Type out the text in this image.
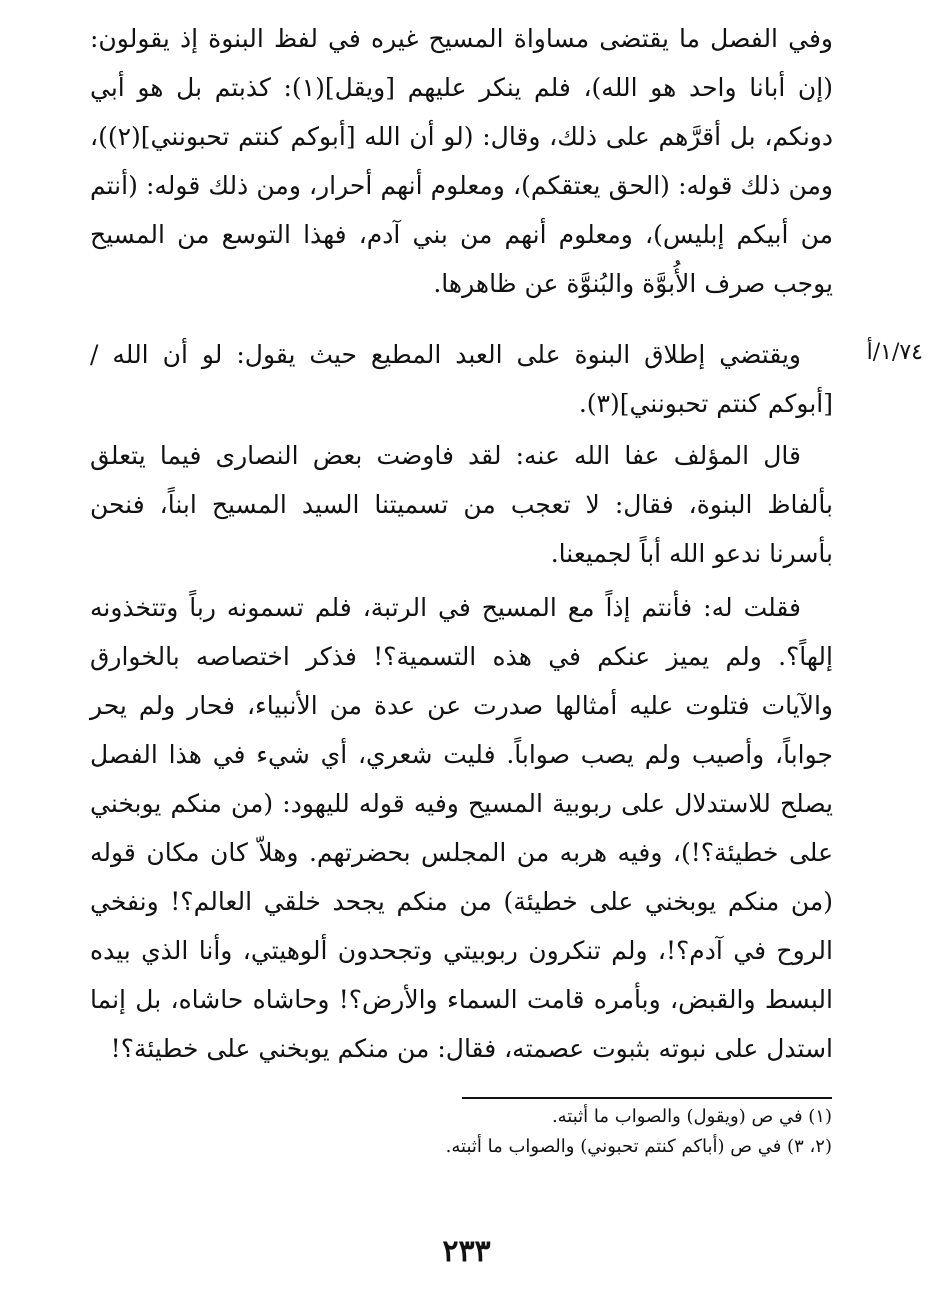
وفي الفصل ما يقتضى مساواة المسيح غيره في لفظ البنوة إذ يقولون: (إن أبانا واحد هو الله)، فلم ينكر عليهم [ويقل](١): كذبتم بل هو أبي دونكم، بل أقرَّهم على ذلك، وقال: (لو أن الله [أبوكم كنتم تحبونني](٢))، ومن ذلك قوله: (الحق يعتقكم)، ومعلوم أنهم أحرار، ومن ذلك قوله: (أنتم من أبيكم إبليس)، ومعلوم أنهم من بني آدم، فهذا التوسع من المسيح يوجب صرف الأُبوَّة والبُنوَّة عن ظاهرها.
١/٧٤/أ
ويقتضي إطلاق البنوة على العبد المطيع حيث يقول: لو أن الله / [أبوكم كنتم تحبونني](٣).
قال المؤلف عفا الله عنه: لقد فاوضت بعض النصارى فيما يتعلق بألفاظ البنوة، فقال: لا تعجب من تسميتنا السيد المسيح ابناً، فنحن بأسرنا ندعو الله أباً لجميعنا.
فقلت له: فأنتم إذاً مع المسيح في الرتبة، فلم تسمونه رباً وتتخذونه إلهاً؟. ولم يميز عنكم في هذه التسمية؟! فذكر اختصاصه بالخوارق والآيات فتلوت عليه أمثالها صدرت عن عدة من الأنبياء، فحار ولم يحر جواباً، وأصيب ولم يصب صواباً. فليت شعري، أي شيء في هذا الفصل يصلح للاستدلال على ربوبية المسيح وفيه قوله لليهود: (من منكم يوبخني على خطيئة؟!)، وفيه هربه من المجلس بحضرتهم. وهلاّ كان مكان قوله (من منكم يوبخني على خطيئة) من منكم يجحد خلقي العالم؟! ونفخي الروح في آدم؟!، ولم تنكرون ربوبيتي وتجحدون ألوهيتي، وأنا الذي بيده البسط والقبض، وبأمره قامت السماء والأرض؟! وحاشاه حاشاه، بل إنما استدل على نبوته بثبوت عصمته، فقال: من منكم يوبخني على خطيئة؟!
(١) في ص (ويقول) والصواب ما أثبته.
(٢، ٣) في ص (أباكم كنتم تحبوني) والصواب ما أثبته.
٢٣٣
